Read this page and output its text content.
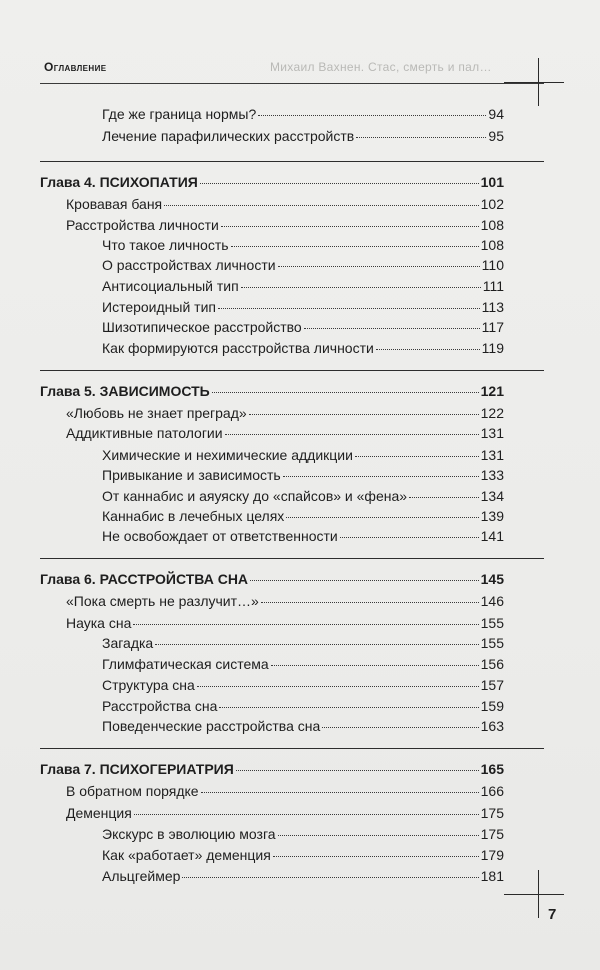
Оглавление	Михаил Вахнен. Стас, смерть и пал…
Где же граница нормы?	94
Лечение парафилических расстройств	95
Глава 4. ПСИХОПАТИЯ	101
Кровавая баня	102
Расстройства личности	108
Что такое личность	108
О расстройствах личности	110
Антисоциальный тип	111
Истероидный тип	113
Шизотипическое расстройство	117
Как формируются расстройства личности	119
Глава 5. ЗАВИСИМОСТЬ	121
«Любовь не знает преград»	122
Аддиктивные патологии	131
Химические и нехимические аддикции	131
Привыкание и зависимость	133
От каннабис и аяуяску до «спайсов» и «фена»	134
Каннабис в лечебных целях	139
Не освобождает от ответственности	141
Глава 6. РАССТРОЙСТВА СНА	145
«Пока смерть не разлучит…»	146
Наука сна	155
Загадка	155
Глимфатическая система	156
Структура сна	157
Расстройства сна	159
Поведенческие расстройства сна	163
Глава 7. ПСИХОГЕРИАТРИЯ	165
В обратном порядке	166
Деменция	175
Экскурс в эволюцию мозга	175
Как «работает» деменция	179
Альцгеймер	181
7
